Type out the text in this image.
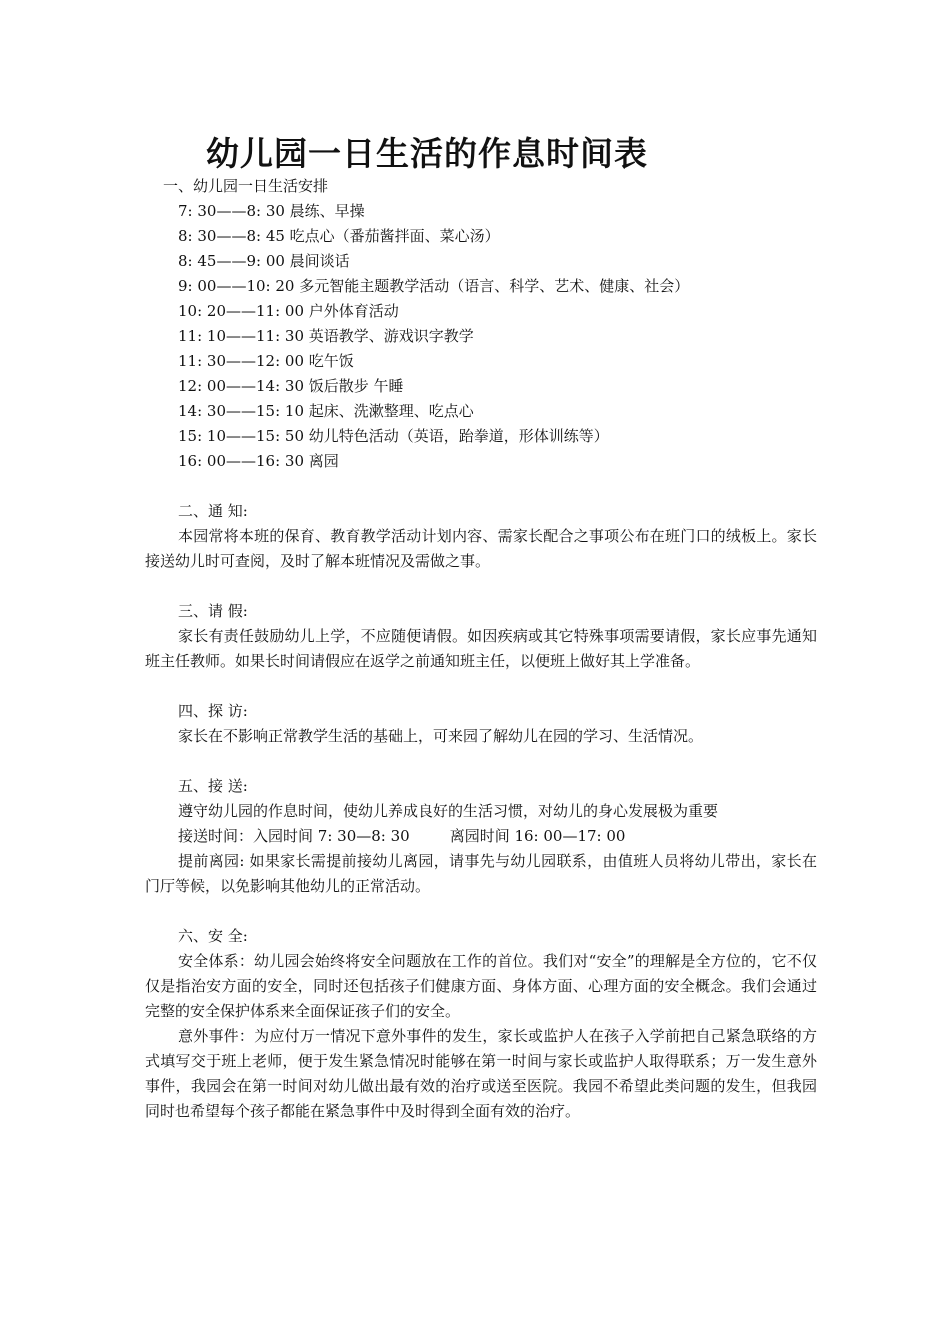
幼儿园一日生活的作息时间表
一、幼儿园一日生活安排
7: 30——8: 30 晨练、早操
8: 30——8: 45 吃点心（番茄酱拌面、菜心汤）
8: 45——9: 00 晨间谈话
9: 00——10: 20 多元智能主题教学活动（语言、科学、艺术、健康、社会）
10: 20——11: 00 户外体育活动
11: 10——11: 30 英语教学、游戏识字教学
11: 30——12: 00 吃午饭
12: 00——14: 30 饭后散步 午睡
14: 30——15: 10 起床、洗漱整理、吃点心
15: 10——15: 50 幼儿特色活动（英语，跆拳道，形体训练等）
16: 00——16: 30 离园
二、通 知:
本园常将本班的保育、教育教学活动计划内容、需家长配合之事项公布在班门口的绒板上。家长接送幼儿时可查阅，及时了解本班情况及需做之事。
三、请 假:
家长有责任鼓励幼儿上学，不应随便请假。如因疾病或其它特殊事项需要请假，家长应事先通知班主任教师。如果长时间请假应在返学之前通知班主任，以便班上做好其上学准备。
四、探 访:
家长在不影响正常教学生活的基础上，可来园了解幼儿在园的学习、生活情况。
五、接 送:
遵守幼儿园的作息时间，使幼儿养成良好的生活习惯，对幼儿的身心发展极为重要
接送时间：入园时间 7: 30—8: 30	离园时间 16: 00—17: 00
提前离园: 如果家长需提前接幼儿离园，请事先与幼儿园联系，由值班人员将幼儿带出，家长在门厅等候，以免影响其他幼儿的正常活动。
六、安 全:
安全体系：幼儿园会始终将安全问题放在工作的首位。我们对“安全”的理解是全方位的，它不仅仅是指治安方面的安全，同时还包括孩子们健康方面、身体方面、心理方面的安全概念。我们会通过完整的安全保护体系来全面保证孩子们的安全。
意外事件：为应付万一情况下意外事件的发生，家长或监护人在孩子入学前把自己紧急联络的方式填写交于班上老师，便于发生紧急情况时能够在第一时间与家长或监护人取得联系；万一发生意外事件，我园会在第一时间对幼儿做出最有效的治疗或送至医院。我园不希望此类问题的发生，但我园同时也希望每个孩子都能在紧急事件中及时得到全面有效的治疗。
